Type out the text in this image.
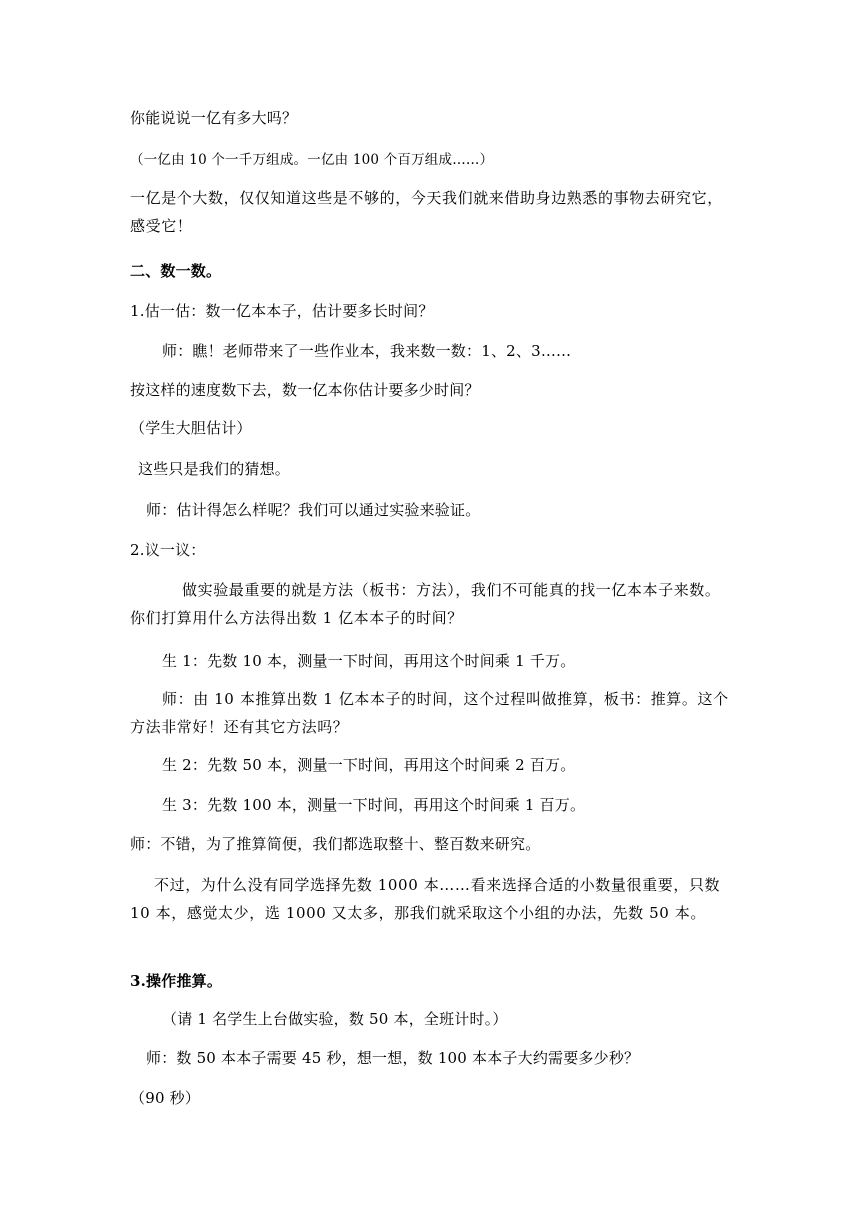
你能说说一亿有多大吗？
（一亿由 10 个一千万组成。一亿由 100 个百万组成……）
一亿是个大数，仅仅知道这些是不够的，今天我们就来借助身边熟悉的事物去研究它，感受它！
二、数一数。
1.估一估：数一亿本本子，估计要多长时间？
师：瞧！老师带来了一些作业本，我来数一数：1、2、3……
按这样的速度数下去，数一亿本你估计要多少时间？
（学生大胆估计）
这些只是我们的猜想。
师：估计得怎么样呢？我们可以通过实验来验证。
2.议一议：
做实验最重要的就是方法（板书：方法），我们不可能真的找一亿本本子来数。你们打算用什么方法得出数 1 亿本本子的时间？
生 1：先数 10 本，测量一下时间，再用这个时间乘 1 千万。
师：由 10 本推算出数 1 亿本本子的时间，这个过程叫做推算，板书：推算。这个方法非常好！还有其它方法吗？
生 2：先数 50 本，测量一下时间，再用这个时间乘 2 百万。
生 3：先数 100 本，测量一下时间，再用这个时间乘 1 百万。
师：不错，为了推算简便，我们都选取整十、整百数来研究。
不过，为什么没有同学选择先数 1000 本……看来选择合适的小数量很重要，只数 10 本，感觉太少，选 1000 又太多，那我们就采取这个小组的办法，先数 50 本。
3.操作推算。
（请 1 名学生上台做实验，数 50 本，全班计时。）
师：数 50 本本子需要 45 秒，想一想，数 100 本本子大约需要多少秒？
（90 秒）
